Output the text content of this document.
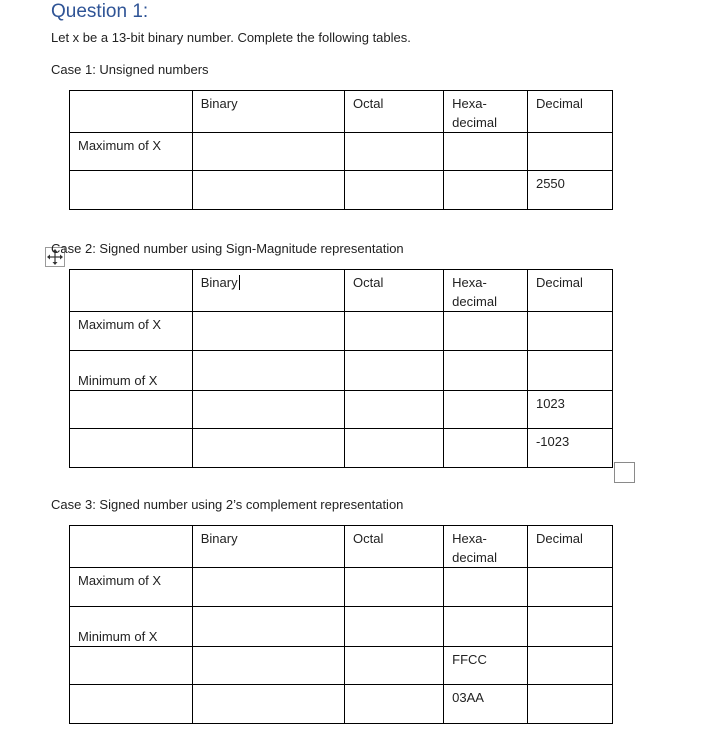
Question 1:
Let x be a 13-bit binary number. Complete the following tables.
Case 1: Unsigned numbers
	Binary	Octal	Hexa-decimal	Decimal
Maximum of X				
				2550
Case 2: Signed number using Sign-Magnitude representation
	Binary	Octal	Hexa-decimal	Decimal
Maximum of X				
Minimum of X				
				1023
				-1023
Case 3: Signed number using 2’s complement representation
	Binary	Octal	Hexa-decimal	Decimal
Maximum of X				
Minimum of X				
			FFCC	
			03AA	
